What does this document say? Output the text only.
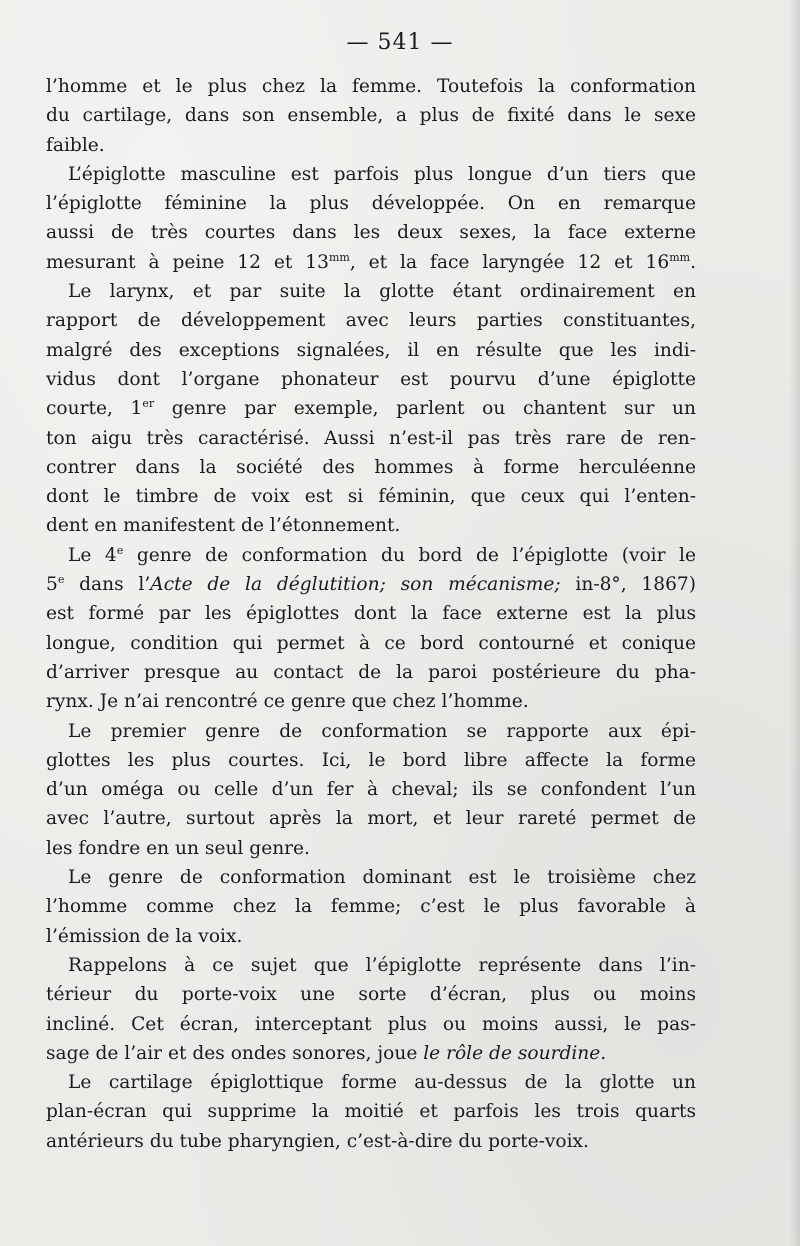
— 541 —
l’homme et le plus chez la femme. Toutefois la conformation
du cartilage, dans son ensemble, a plus de fixité dans le sexe
faible.
L’épiglotte masculine est parfois plus longue d’un tiers que
l’épiglotte féminine la plus développée. On en remarque
aussi de très courtes dans les deux sexes, la face externe
mesurant à peine 12 et $13^{mm}$, et la face laryngée 12 et $16^{mm}$.
Le larynx, et par suite la glotte étant ordinairement en
rapport de développement avec leurs parties constituantes,
malgré des exceptions signalées, il en résulte que les indi-
vidus dont l’organe phonateur est pourvu d’une épiglotte
courte, 1er genre par exemple, parlent ou chantent sur un
ton aigu très caractérisé. Aussi n’est-il pas très rare de ren-
contrer dans la société des hommes à forme herculéenne
dont le timbre de voix est si féminin, que ceux qui l’enten-
dent en manifestent de l’étonnement.
Le 4e genre de conformation du bord de l’épiglotte (voir le
5e dans l’Acte de la déglutition; son mécanisme; in-8°, 1867)
est formé par les épiglottes dont la face externe est la plus
longue, condition qui permet à ce bord contourné et conique
d’arriver presque au contact de la paroi postérieure du pha-
rynx. Je n’ai rencontré ce genre que chez l’homme.
Le premier genre de conformation se rapporte aux épi-
glottes les plus courtes. Ici, le bord libre affecte la forme
d’un oméga ou celle d’un fer à cheval; ils se confondent l’un
avec l’autre, surtout après la mort, et leur rareté permet de
les fondre en un seul genre.
Le genre de conformation dominant est le troisième chez
l’homme comme chez la femme; c’est le plus favorable à
l’émission de la voix.
Rappelons à ce sujet que l’épiglotte représente dans l’in-
térieur du porte-voix une sorte d’écran, plus ou moins
incliné. Cet écran, interceptant plus ou moins aussi, le pas-
sage de l’air et des ondes sonores, joue le rôle de sourdine.
Le cartilage épiglottique forme au-dessus de la glotte un
plan-écran qui supprime la moitié et parfois les trois quarts
antérieurs du tube pharyngien, c’est-à-dire du porte-voix.
